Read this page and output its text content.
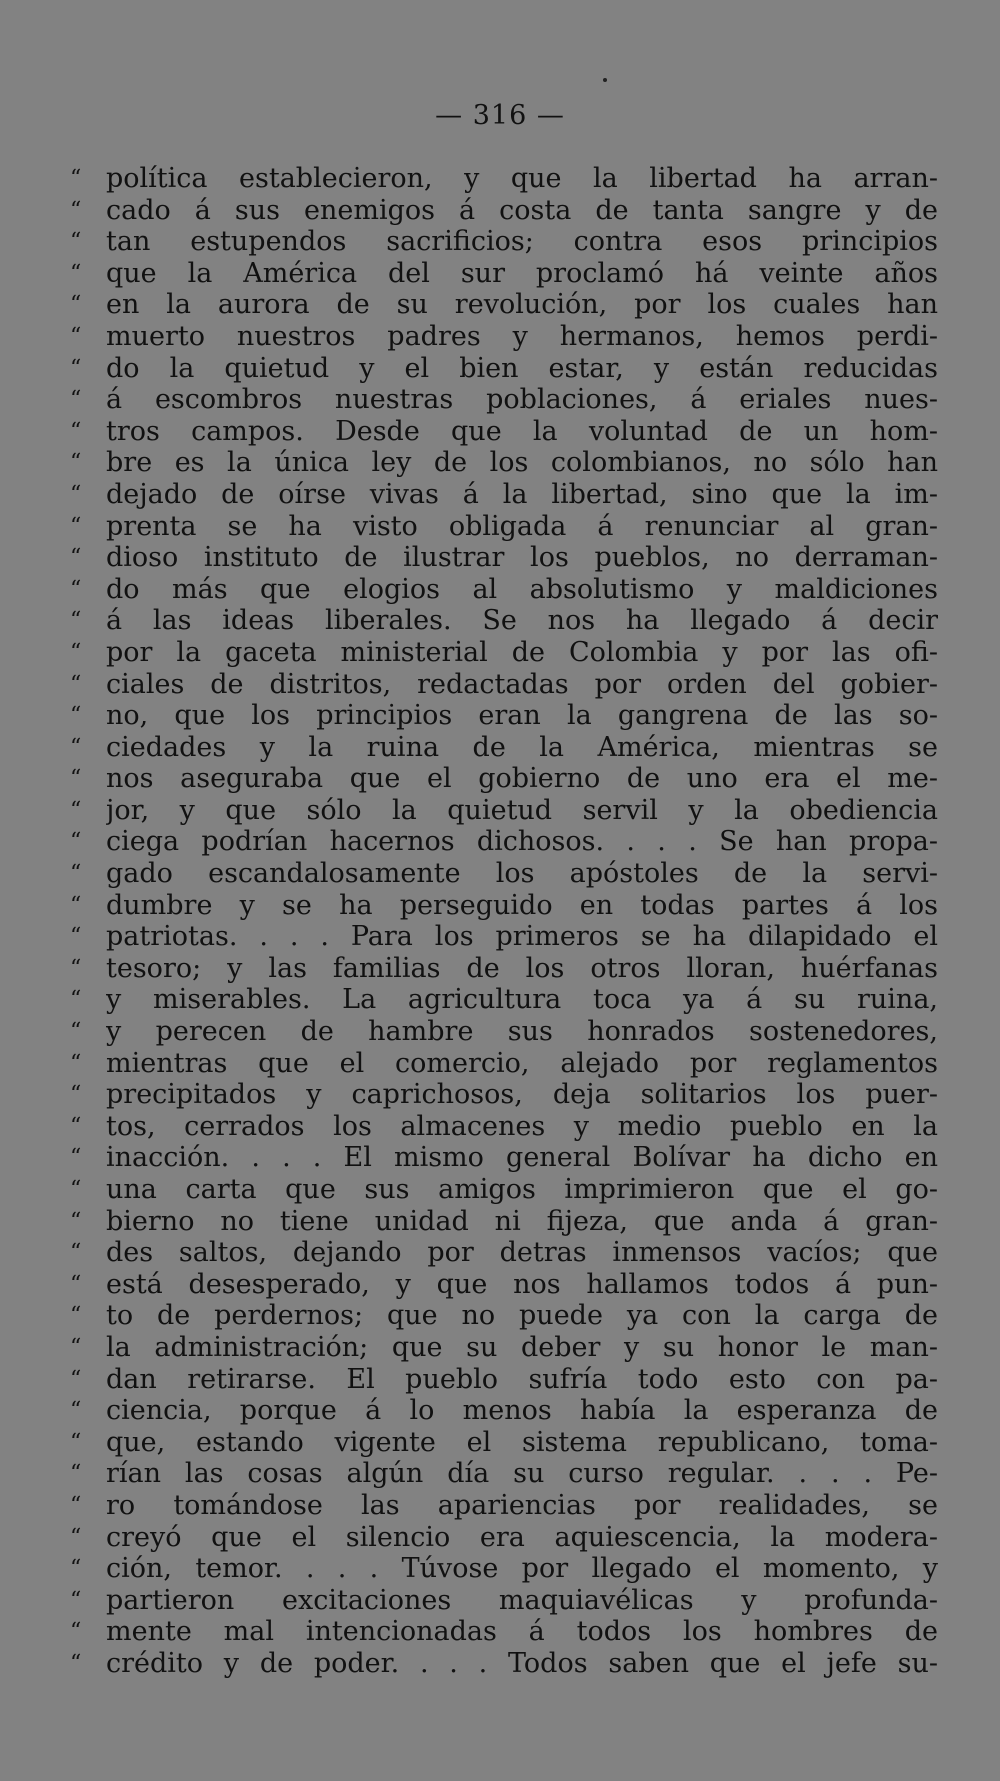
— 316 —
“ política establecieron, y que la libertad ha arran-
“ cado á sus enemigos á costa de tanta sangre y de
“ tan estupendos sacrificios; contra esos principios
“ que la América del sur proclamó há veinte años
“ en la aurora de su revolución, por los cuales han
“ muerto nuestros padres y hermanos, hemos perdi-
“ do la quietud y el bien estar, y están reducidas
“ á escombros nuestras poblaciones, á eriales nues-
“ tros campos. Desde que la voluntad de un hom-
“ bre es la única ley de los colombianos, no sólo han
“ dejado de oírse vivas á la libertad, sino que la im-
“ prenta se ha visto obligada á renunciar al gran-
“ dioso instituto de ilustrar los pueblos, no derraman-
“ do más que elogios al absolutismo y maldiciones
“ á las ideas liberales. Se nos ha llegado á decir
“ por la gaceta ministerial de Colombia y por las ofi-
“ ciales de distritos, redactadas por orden del gobier-
“ no, que los principios eran la gangrena de las so-
“ ciedades y la ruina de la América, mientras se
“ nos aseguraba que el gobierno de uno era el me-
“ jor, y que sólo la quietud servil y la obediencia
“ ciega podrían hacernos dichosos. . . . Se han propa-
“ gado escandalosamente los apóstoles de la servi-
“ dumbre y se ha perseguido en todas partes á los
“ patriotas. . . . Para los primeros se ha dilapidado el
“ tesoro; y las familias de los otros lloran, huérfanas
“ y miserables. La agricultura toca ya á su ruina,
“ y perecen de hambre sus honrados sostenedores,
“ mientras que el comercio, alejado por reglamentos
“ precipitados y caprichosos, deja solitarios los puer-
“ tos, cerrados los almacenes y medio pueblo en la
“ inacción. . . . El mismo general Bolívar ha dicho en
“ una carta que sus amigos imprimieron que el go-
“ bierno no tiene unidad ni fijeza, que anda á gran-
“ des saltos, dejando por detras inmensos vacíos; que
“ está desesperado, y que nos hallamos todos á pun-
“ to de perdernos; que no puede ya con la carga de
“ la administración; que su deber y su honor le man-
“ dan retirarse. El pueblo sufría todo esto con pa-
“ ciencia, porque á lo menos había la esperanza de
“ que, estando vigente el sistema republicano, toma-
“ rían las cosas algún día su curso regular. . . . Pe-
“ ro tomándose las apariencias por realidades, se
“ creyó que el silencio era aquiescencia, la modera-
“ ción, temor. . . . Túvose por llegado el momento, y
“ partieron excitaciones maquiavélicas y profunda-
“ mente mal intencionadas á todos los hombres de
“ crédito y de poder. . . . Todos saben que el jefe su-
